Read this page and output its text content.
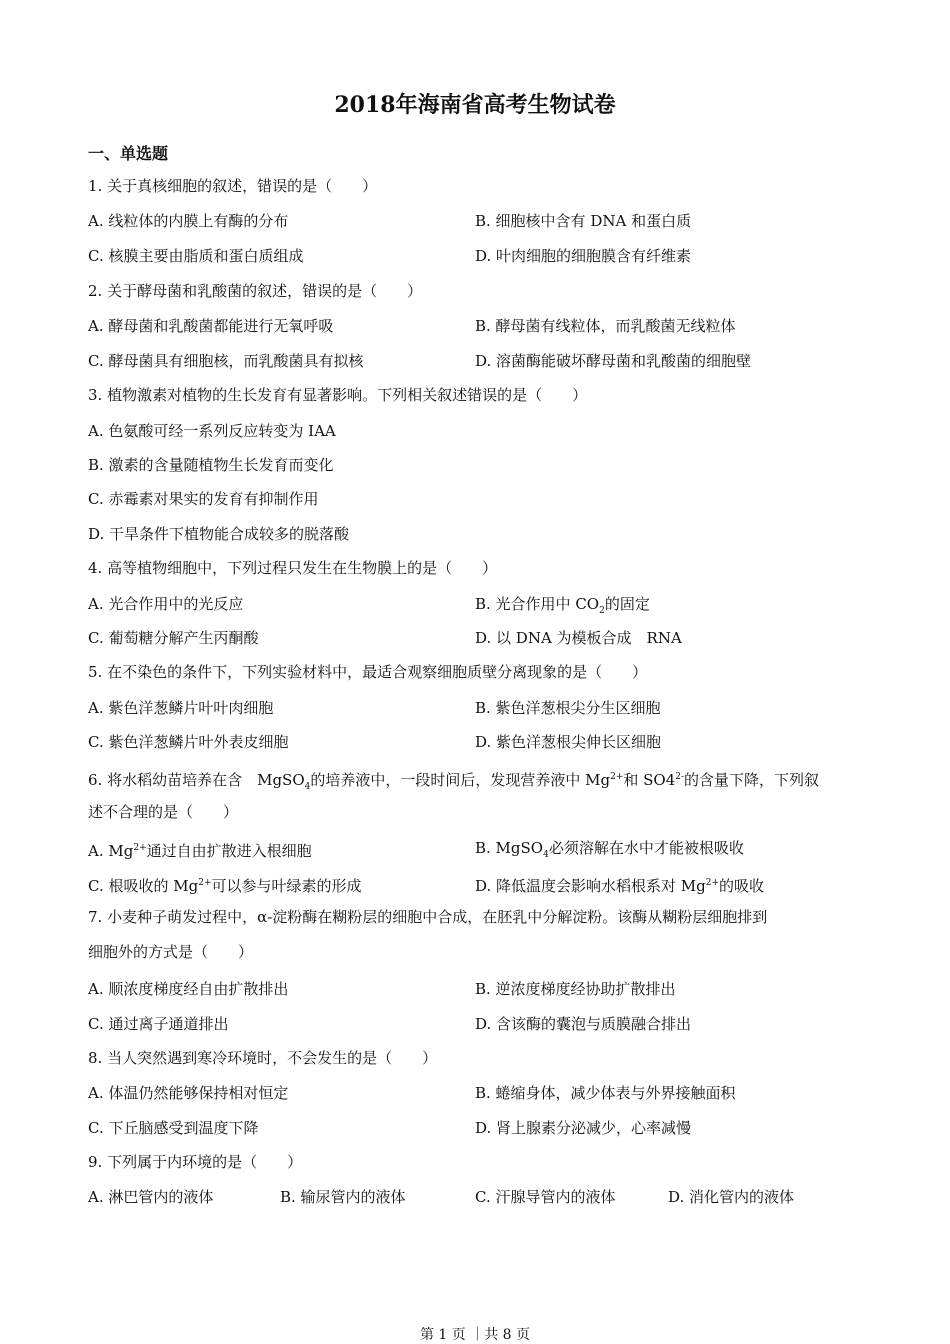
2018年海南省高考生物试卷
一、单选题
1. 关于真核细胞的叙述，错误的是（　　）
A. 线粒体的内膜上有酶的分布	B. 细胞核中含有 DNA 和蛋白质
C. 核膜主要由脂质和蛋白质组成	D. 叶肉细胞的细胞膜含有纤维素
2. 关于酵母菌和乳酸菌的叙述，错误的是（　　）
A. 酵母菌和乳酸菌都能进行无氧呼吸	B. 酵母菌有线粒体，而乳酸菌无线粒体
C. 酵母菌具有细胞核，而乳酸菌具有拟核	D. 溶菌酶能破坏酵母菌和乳酸菌的细胞壁
3. 植物激素对植物的生长发育有显著影响。下列相关叙述错误的是（　　）
A. 色氨酸可经一系列反应转变为 IAA
B. 激素的含量随植物生长发育而变化
C. 赤霉素对果实的发育有抑制作用
D. 干旱条件下植物能合成较多的脱落酸
4. 高等植物细胞中，下列过程只发生在生物膜上的是（　　）
A. 光合作用中的光反应	B. 光合作用中 $CO_2$的固定
C. 葡萄糖分解产生丙酮酸	D. 以 DNA 为模板合成　RNA
5. 在不染色的条件下，下列实验材料中，最适合观察细胞质壁分离现象的是（　　）
A. 紫色洋葱鳞片叶叶肉细胞	B. 紫色洋葱根尖分生区细胞
C. 紫色洋葱鳞片叶外表皮细胞	D. 紫色洋葱根尖伸长区细胞
6. 将水稻幼苗培养在含　MgSO$_4$的培养液中，一段时间后，发现营养液中 $Mg^{2+}$和 $SO4^{2-}$的含量下降，下列叙
述不合理的是（　　）
A. $Mg^{2+}$通过自由扩散进入根细胞	B. MgSO$_4$必须溶解在水中才能被根吸收
C. 根吸收的 $Mg^{2+}$可以参与叶绿素的形成	D. 降低温度会影响水稻根系对 $Mg^{2+}$的吸收
7. 小麦种子萌发过程中，α-淀粉酶在糊粉层的细胞中合成，在胚乳中分解淀粉。该酶从糊粉层细胞排到
细胞外的方式是（　　）
A. 顺浓度梯度经自由扩散排出	B. 逆浓度梯度经协助扩散排出
C. 通过离子通道排出	D. 含该酶的囊泡与质膜融合排出
8. 当人突然遇到寒冷环境时，不会发生的是（　　）
A. 体温仍然能够保持相对恒定	B. 蜷缩身体，减少体表与外界接触面积
C. 下丘脑感受到温度下降	D. 肾上腺素分泌减少，心率减慢
9. 下列属于内环境的是（　　）
A. 淋巴管内的液体	B. 输尿管内的液体	C. 汗腺导管内的液体	D. 消化管内的液体
第 1 页 ｜共 8 页
